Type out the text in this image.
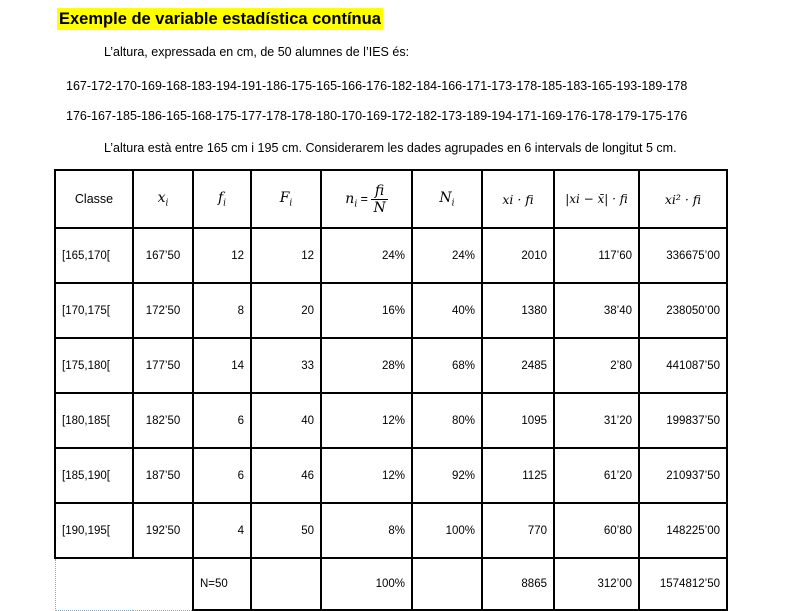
Exemple de variable estadística contínua
L’altura, expressada en cm, de 50 alumnes de l’IES és:
167-172-170-169-168-183-194-191-186-175-165-166-176-182-184-166-171-173-178-185-183-165-193-189-178
176-167-185-186-165-168-175-177-178-178-180-170-169-172-182-173-189-194-171-169-176-178-179-175-176
L’altura està entre 165 cm i 195 cm. Considerarem les dades agrupades en 6 intervals de longitut 5 cm.
Classe	$x_i$	$f_i$	$F_i$	$n_i = \frac{fi}{N}$	$N_i$	xi · fi	|xi − x̄| · fi	xi² · fi
[165,170[	167’50	12	12	24%	24%	2010	117’60	336675’00
[170,175[	172’50	8	20	16%	40%	1380	38’40	238050’00
[175,180[	177’50	14	33	28%	68%	2485	2’80	441087’50
[180,185[	182’50	6	40	12%	80%	1095	31’20	199837’50
[185,190[	187’50	6	46	12%	92%	1125	61’20	210937’50
[190,195[	192’50	4	50	8%	100%	770	60’80	148225’00
		N=50		100%		8865	312’00	1574812’50
